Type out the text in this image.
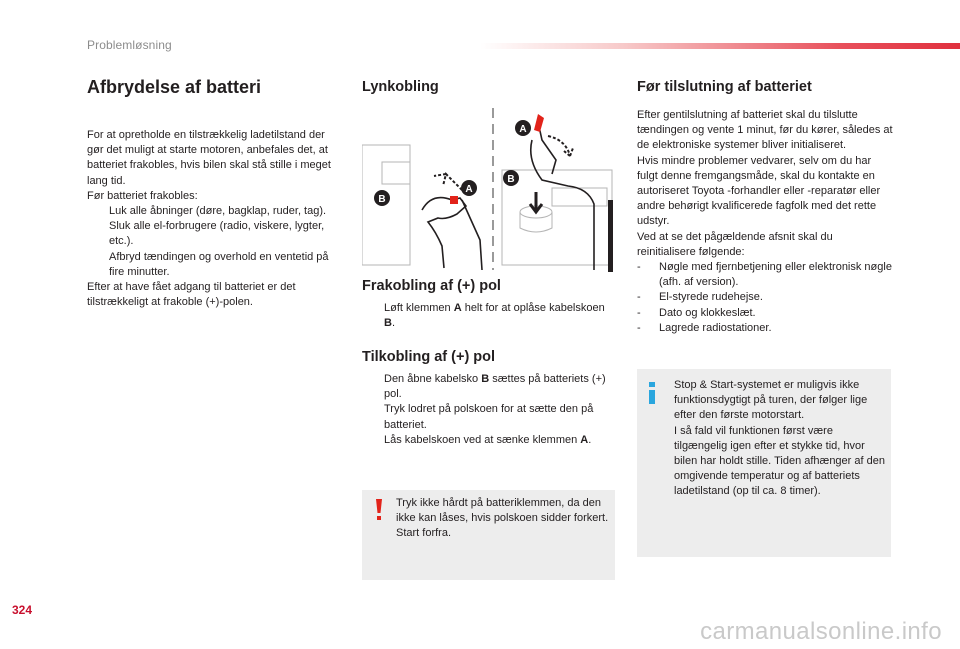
Problemløsning
Afbrydelse af batteri
For at opretholde en tilstrækkelig ladetilstand der gør det muligt at starte motoren, anbefales det, at batteriet frakobles, hvis bilen skal stå stille i meget lang tid.
Før batteriet frakobles:
Luk alle åbninger (døre, bagklap, ruder, tag).
Sluk alle el-forbrugere (radio, viskere, lygter, etc.).
Afbryd tændingen og overhold en ventetid på fire minutter.
Efter at have fået adgang til batteriet er det tilstrækkeligt at frakoble (+)-polen.
Lynkobling
A
B
A
B
Frakobling af (+) pol
Løft klemmen A helt for at oplåse kabelskoen B.
Tilkobling af (+) pol
Den åbne kabelsko B sættes på batteriets (+) pol.
Tryk lodret på polskoen for at sætte den på batteriet.
Lås kabelskoen ved at sænke klemmen A.
Tryk ikke hårdt på batteriklemmen, da den ikke kan låses, hvis polskoen sidder forkert. Start forfra.
Før tilslutning af batteriet
Efter gentilslutning af batteriet skal du tilslutte tændingen og vente 1 minut, før du kører, således at de elektroniske systemer bliver initialiseret.
Hvis mindre problemer vedvarer, selv om du har fulgt denne fremgangsmåde, skal du kontakte en autoriseret Toyota -forhandler eller -reparatør eller andre behørigt kvalificerede fagfolk med det rette udstyr.
Ved at se det pågældende afsnit skal du reinitialisere følgende:
- Nøgle med fjernbetjening eller elektronisk nøgle (afh. af version).
- El-styrede rudehejse.
- Dato og klokkeslæt.
- Lagrede radiostationer.
Stop & Start-systemet er muligvis ikke funktionsdygtigt på turen, der følger lige efter den første motorstart.
I så fald vil funktionen først være tilgængelig igen efter et stykke tid, hvor bilen har holdt stille. Tiden afhænger af den omgivende temperatur og af batteriets ladetilstand (op til ca. 8 timer).
324
carmanualsonline.info
